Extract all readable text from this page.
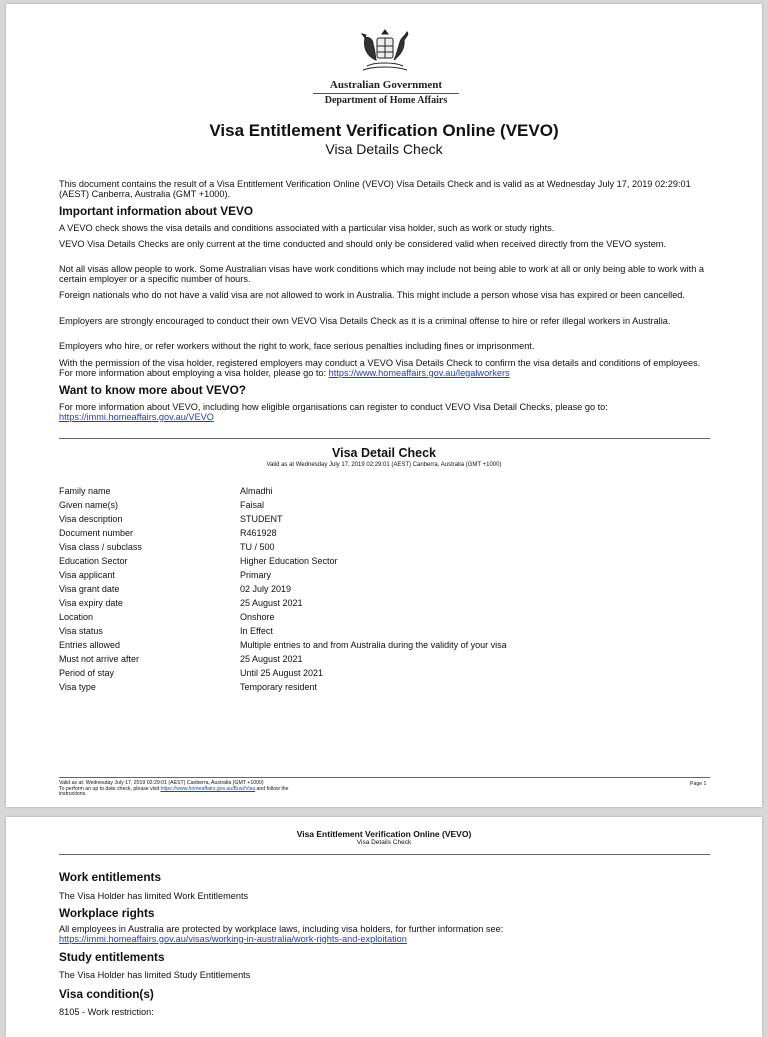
Australian Government
Department of Home Affairs
Visa Entitlement Verification Online (VEVO)
Visa Details Check
This document contains the result of a Visa Entitlement Verification Online (VEVO) Visa Details Check and is valid as at Wednesday July 17, 2019 02:29:01 (AEST) Canberra, Australia (GMT +1000).
Important information about VEVO
A VEVO check shows the visa details and conditions associated with a particular visa holder, such as work or study rights.
VEVO Visa Details Checks are only current at the time conducted and should only be considered valid when received directly from the VEVO system.
Not all visas allow people to work. Some Australian visas have work conditions which may include not being able to work at all or only being able to work with a certain employer or a specific number of hours.
Foreign nationals who do not have a valid visa are not allowed to work in Australia. This might include a person whose visa has expired or been cancelled.
Employers are strongly encouraged to conduct their own VEVO Visa Details Check as it is a criminal offense to hire or refer illegal workers in Australia.
Employers who hire, or refer workers without the right to work, face serious penalties including fines or imprisonment.
With the permission of the visa holder, registered employers may conduct a VEVO Visa Details Check to confirm the visa details and conditions of employees. For more information about employing a visa holder, please go to: https://www.homeaffairs.gov.au/legalworkers
Want to know more about VEVO?
For more information about VEVO, including how eligible organisations can register to conduct VEVO Visa Detail Checks, please go to:
https://immi.homeaffairs.gov.au/VEVO
Visa Detail Check
Valid as at Wednesday July 17, 2019 02:29:01 (AEST) Canberra, Australia (GMT +1000)
Family name	Almadhi
Given name(s)	Faisal
Visa description	STUDENT
Document number	R461928
Visa class / subclass	TU / 500
Education Sector	Higher Education Sector
Visa applicant	Primary
Visa grant date	02 July 2019
Visa expiry date	25 August 2021
Location	Onshore
Visa status	In Effect
Entries allowed	Multiple entries to and from Australia during the validity of your visa
Must not arrive after	25 August 2021
Period of stay	Until 25 August 2021
Visa type	Temporary resident
Valid as at: Wednesday July 17, 2019 02:29:01 (AEST) Canberra, Australia (GMT +1000)
To perform an up to date check, please visit https://www.homeaffairs.gov.au/Busi/Visa and follow the
instructions.
Page 1
Visa Entitlement Verification Online (VEVO)
Visa Details Check
Work entitlements
The Visa Holder has limited Work Entitlements
Workplace rights
All employees in Australia are protected by workplace laws, including visa holders, for further information see:
https://immi.homeaffairs.gov.au/visas/working-in-australia/work-rights-and-exploitation
Study entitlements
The Visa Holder has limited Study Entitlements
Visa condition(s)
8105 - Work restriction:
